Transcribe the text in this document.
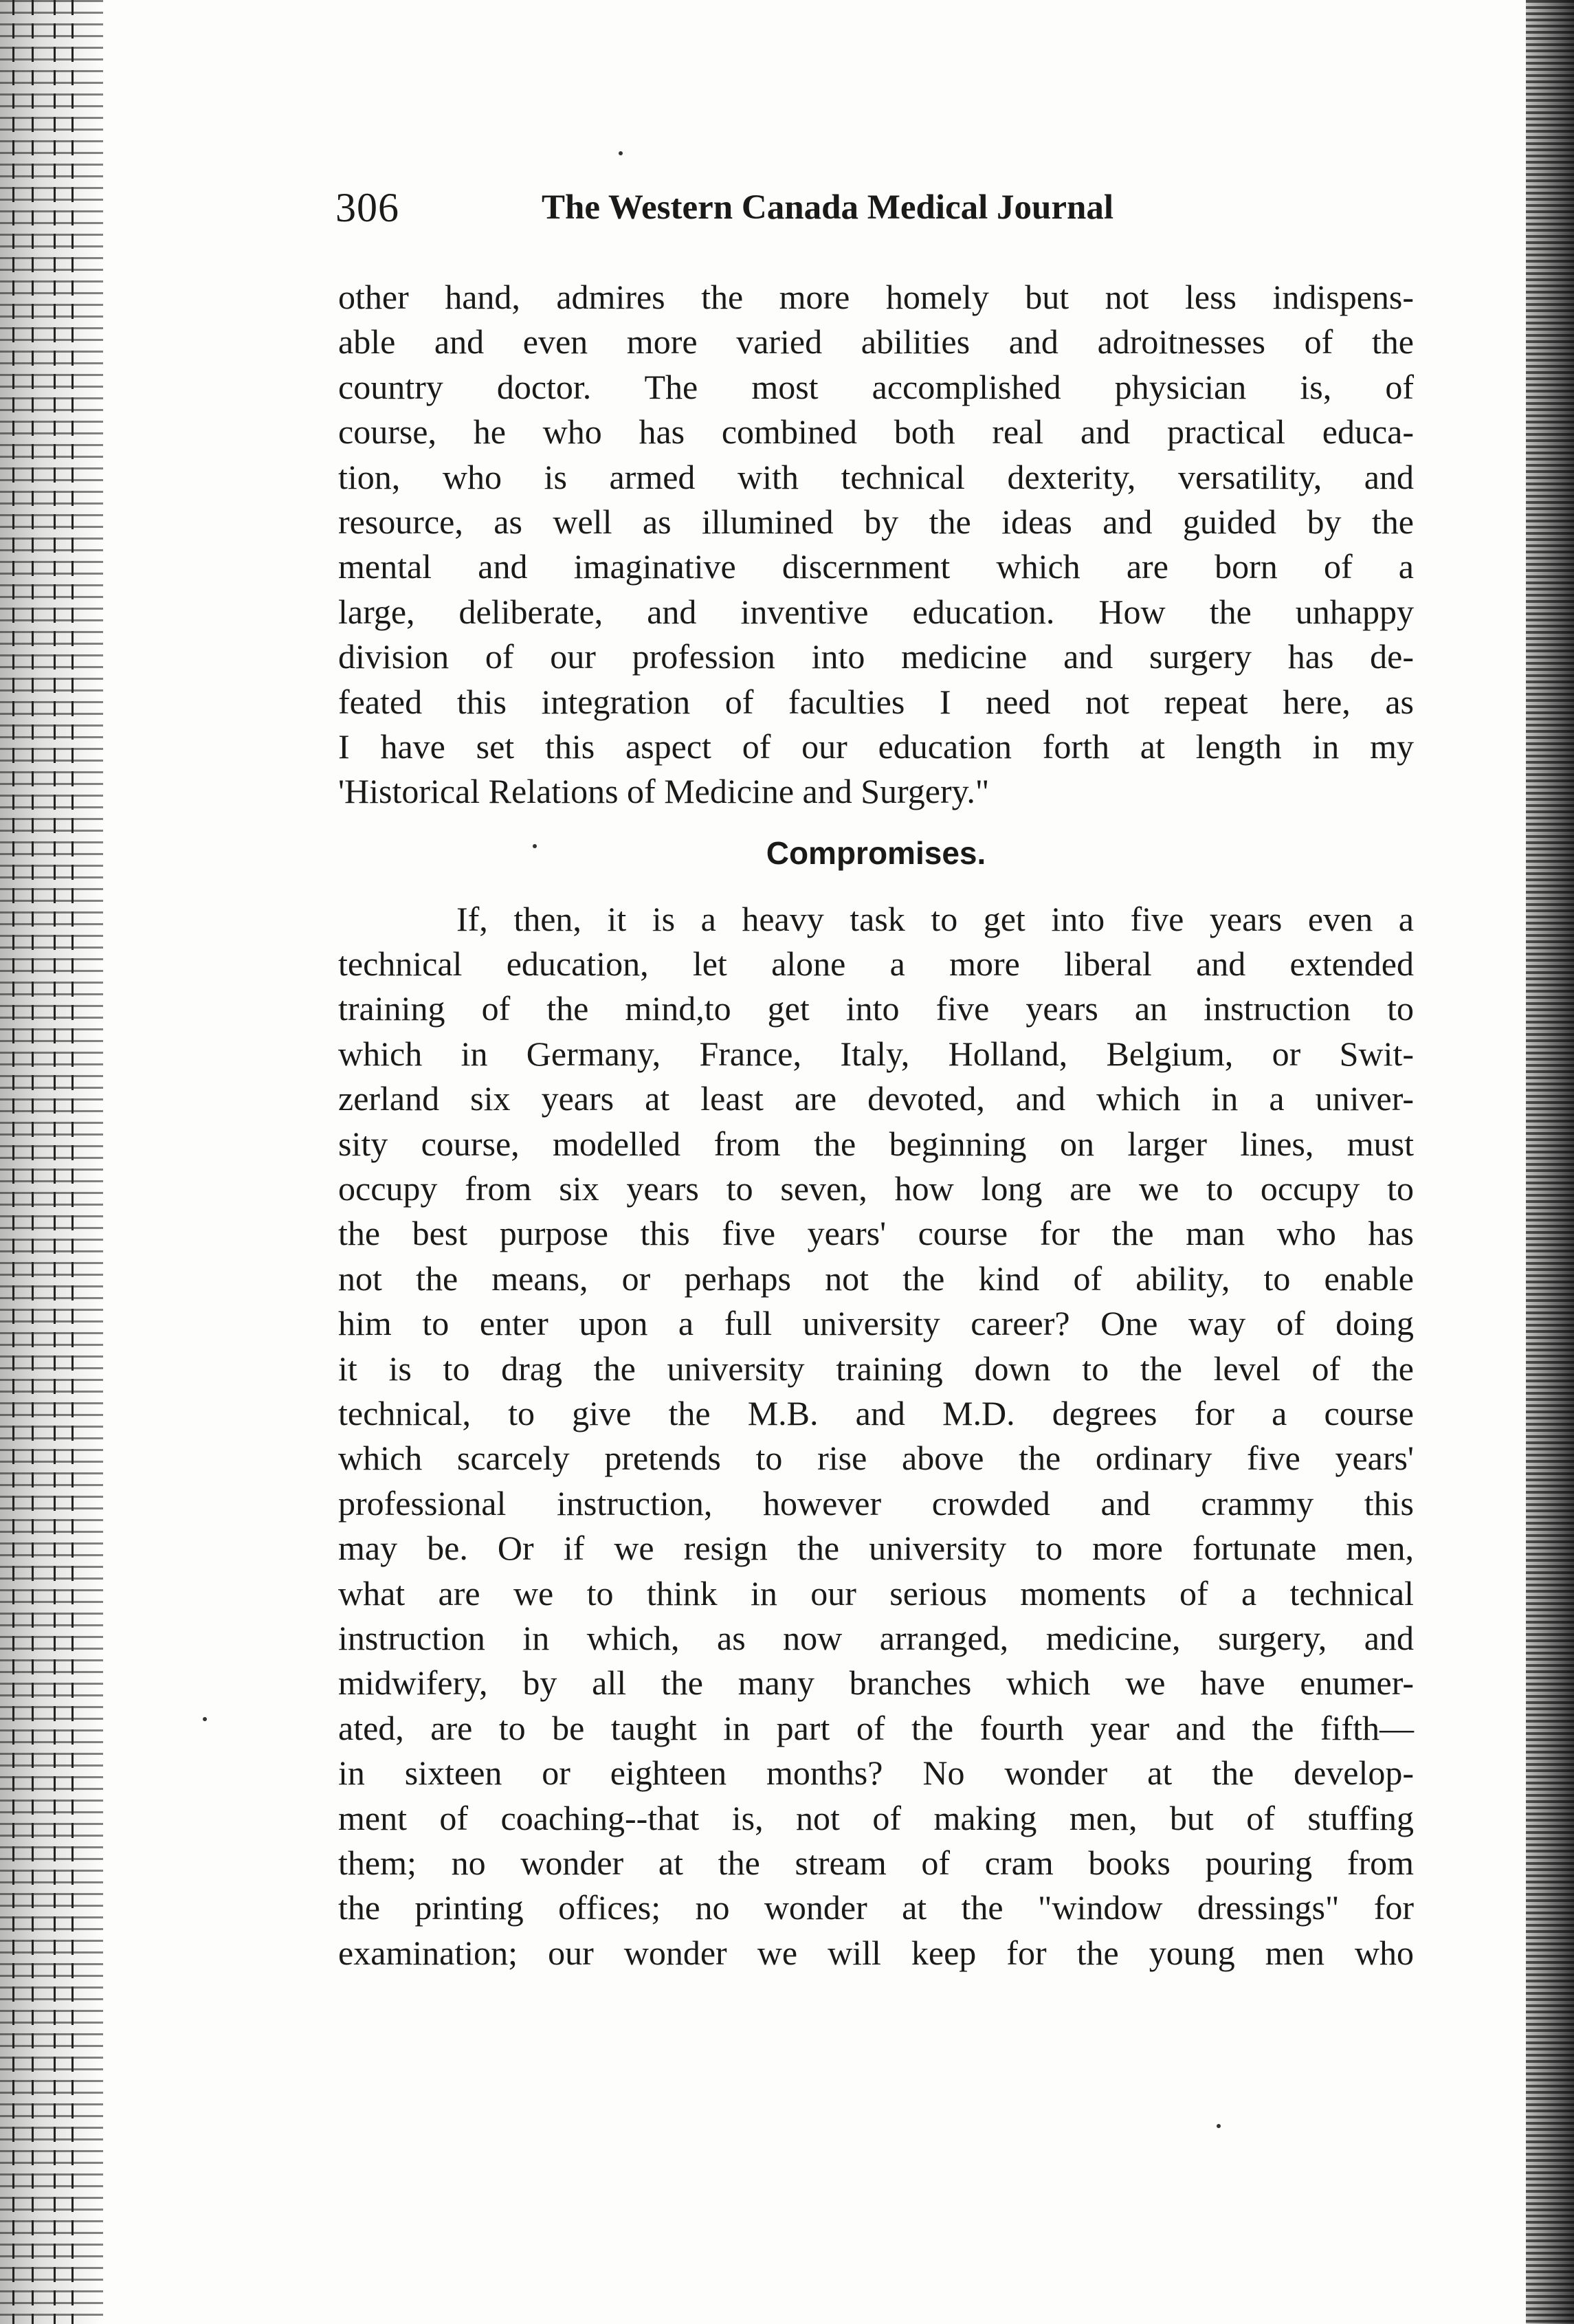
306	The Western Canada Medical Journal
other hand, admires the more homely but not less indispens-
able and even more varied abilities and adroitnesses of the
country doctor. The most accomplished physician is, of
course, he who has combined both real and practical educa-
tion, who is armed with technical dexterity, versatility, and
resource, as well as illumined by the ideas and guided by the
mental and imaginative discernment which are born of a
large, deliberate, and inventive education. How the unhappy
division of our profession into medicine and surgery has de-
feated this integration of faculties I need not repeat here, as
I have set this aspect of our education forth at length in my
'Historical Relations of Medicine and Surgery."
Compromises.
If, then, it is a heavy task to get into five years even a
technical education, let alone a more liberal and extended
training of the mind,to get into five years an instruction to
which in Germany, France, Italy, Holland, Belgium, or Swit-
zerland six years at least are devoted, and which in a univer-
sity course, modelled from the beginning on larger lines, must
occupy from six years to seven, how long are we to occupy to
the best purpose this five years' course for the man who has
not the means, or perhaps not the kind of ability, to enable
him to enter upon a full university career? One way of doing
it is to drag the university training down to the level of the
technical, to give the M.B. and M.D. degrees for a course
which scarcely pretends to rise above the ordinary five years'
professional instruction, however crowded and crammy this
may be. Or if we resign the university to more fortunate men,
what are we to think in our serious moments of a technical
instruction in which, as now arranged, medicine, surgery, and
midwifery, by all the many branches which we have enumer-
ated, are to be taught in part of the fourth year and the fifth—
in sixteen or eighteen months? No wonder at the develop-
ment of coaching--that is, not of making men, but of stuffing
them; no wonder at the stream of cram books pouring from
the printing offices; no wonder at the "window dressings" for
examination; our wonder we will keep for the young men who
